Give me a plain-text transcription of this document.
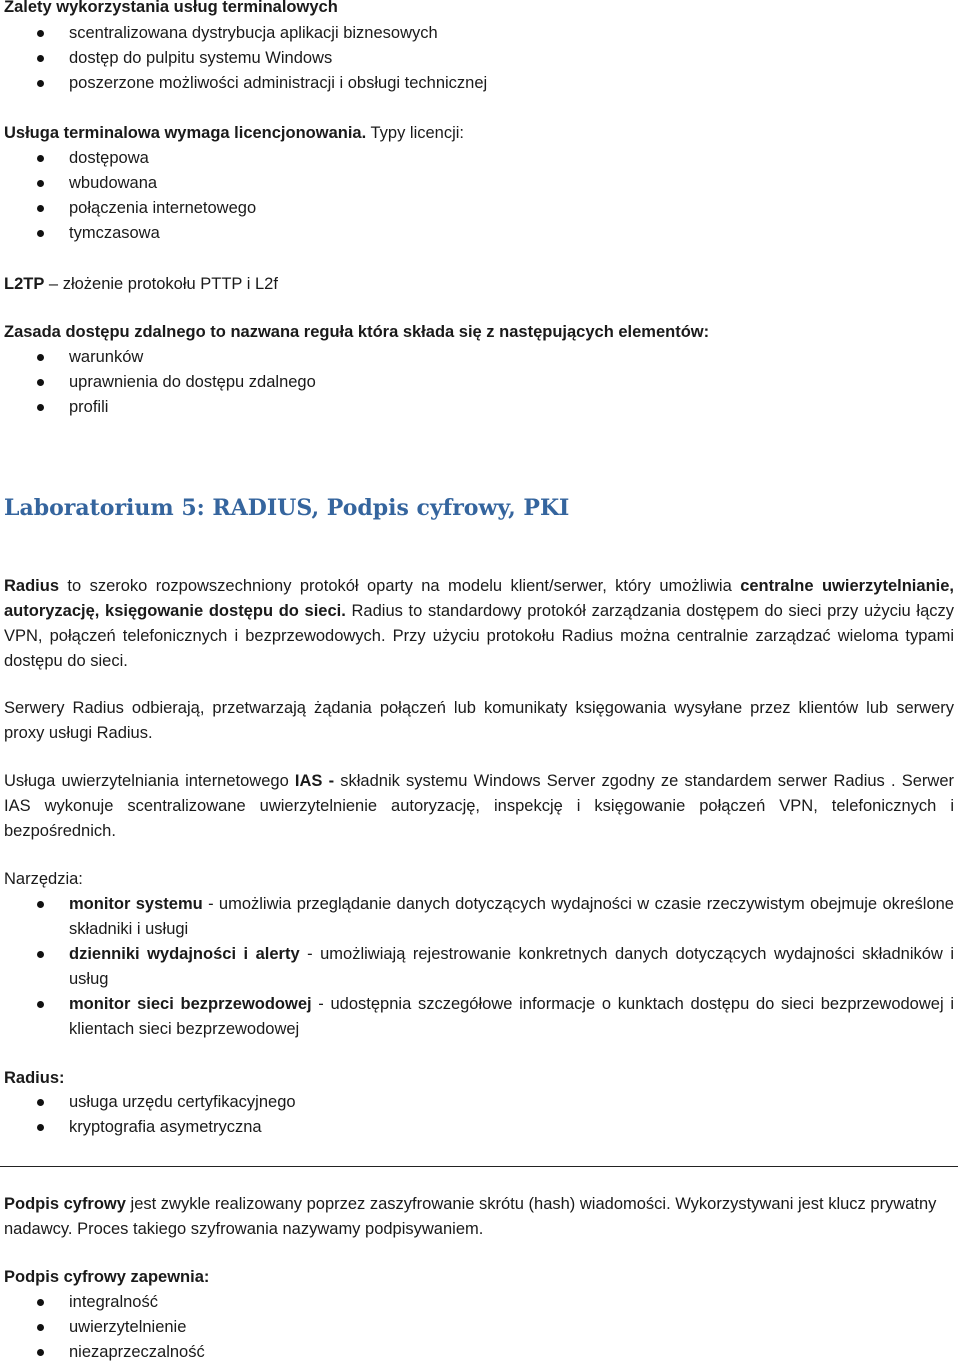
Zalety wykorzystania usług terminalowych

scentralizowana dystrybucja aplikacji biznesowych
dostęp do pulpitu systemu Windows
poszerzone możliwości administracji i obsługi technicznej

Usługa terminalowa wymaga licencjonowania. Typy licencji:

dostępowa
wbudowana
połączenia internetowego
tymczasowa

L2TP – złożenie protokołu PTTP i L2f

Zasada dostępu zdalnego to nazwana reguła która składa się z następujących elementów:

warunków
uprawnienia do dostępu zdalnego
profili
Laboratorium 5: RADIUS, Podpis cyfrowy, PKI

Radius to szeroko rozpowszechniony protokół oparty na modelu klient/serwer, który umożliwia centralne uwierzytelnianie, autoryzację, księgowanie dostępu do sieci. Radius to standardowy protokół zarządzania dostępem do sieci przy użyciu łączy VPN, połączeń telefonicznych i bezprzewodowych. Przy użyciu protokołu Radius można centralnie zarządzać wieloma typami dostępu do sieci.

Serwery Radius odbierają, przetwarzają żądania połączeń lub komunikaty księgowania wysyłane przez klientów lub serwery proxy usługi Radius.

Usługa uwierzytelniania internetowego IAS - składnik systemu Windows Server zgodny ze standardem serwer Radius . Serwer IAS wykonuje scentralizowane uwierzytelnienie autoryzację, inspekcję i księgowanie połączeń VPN, telefonicznych i bezpośrednich.

Narzędzia:

monitor systemu - umożliwia przeglądanie danych dotyczących wydajności w czasie rzeczywistym obejmuje określone składniki i usługi
dzienniki wydajności i alerty - umożliwiają rejestrowanie konkretnych danych dotyczących wydajności składników i usług
monitor sieci bezprzewodowej - udostępnia szczegółowe informacje o kunktach dostępu do sieci bezprzewodowej i klientach sieci bezprzewodowej

Radius:

usługa urzędu certyfikacyjnego
kryptografia asymetryczna

Podpis cyfrowy jest zwykle realizowany poprzez zaszyfrowanie skrótu (hash) wiadomości. Wykorzystywani jest klucz prywatny nadawcy. Proces takiego szyfrowania nazywamy podpisywaniem.

Podpis cyfrowy zapewnia:

integralność
uwierzytelnienie
niezaprzeczalność
